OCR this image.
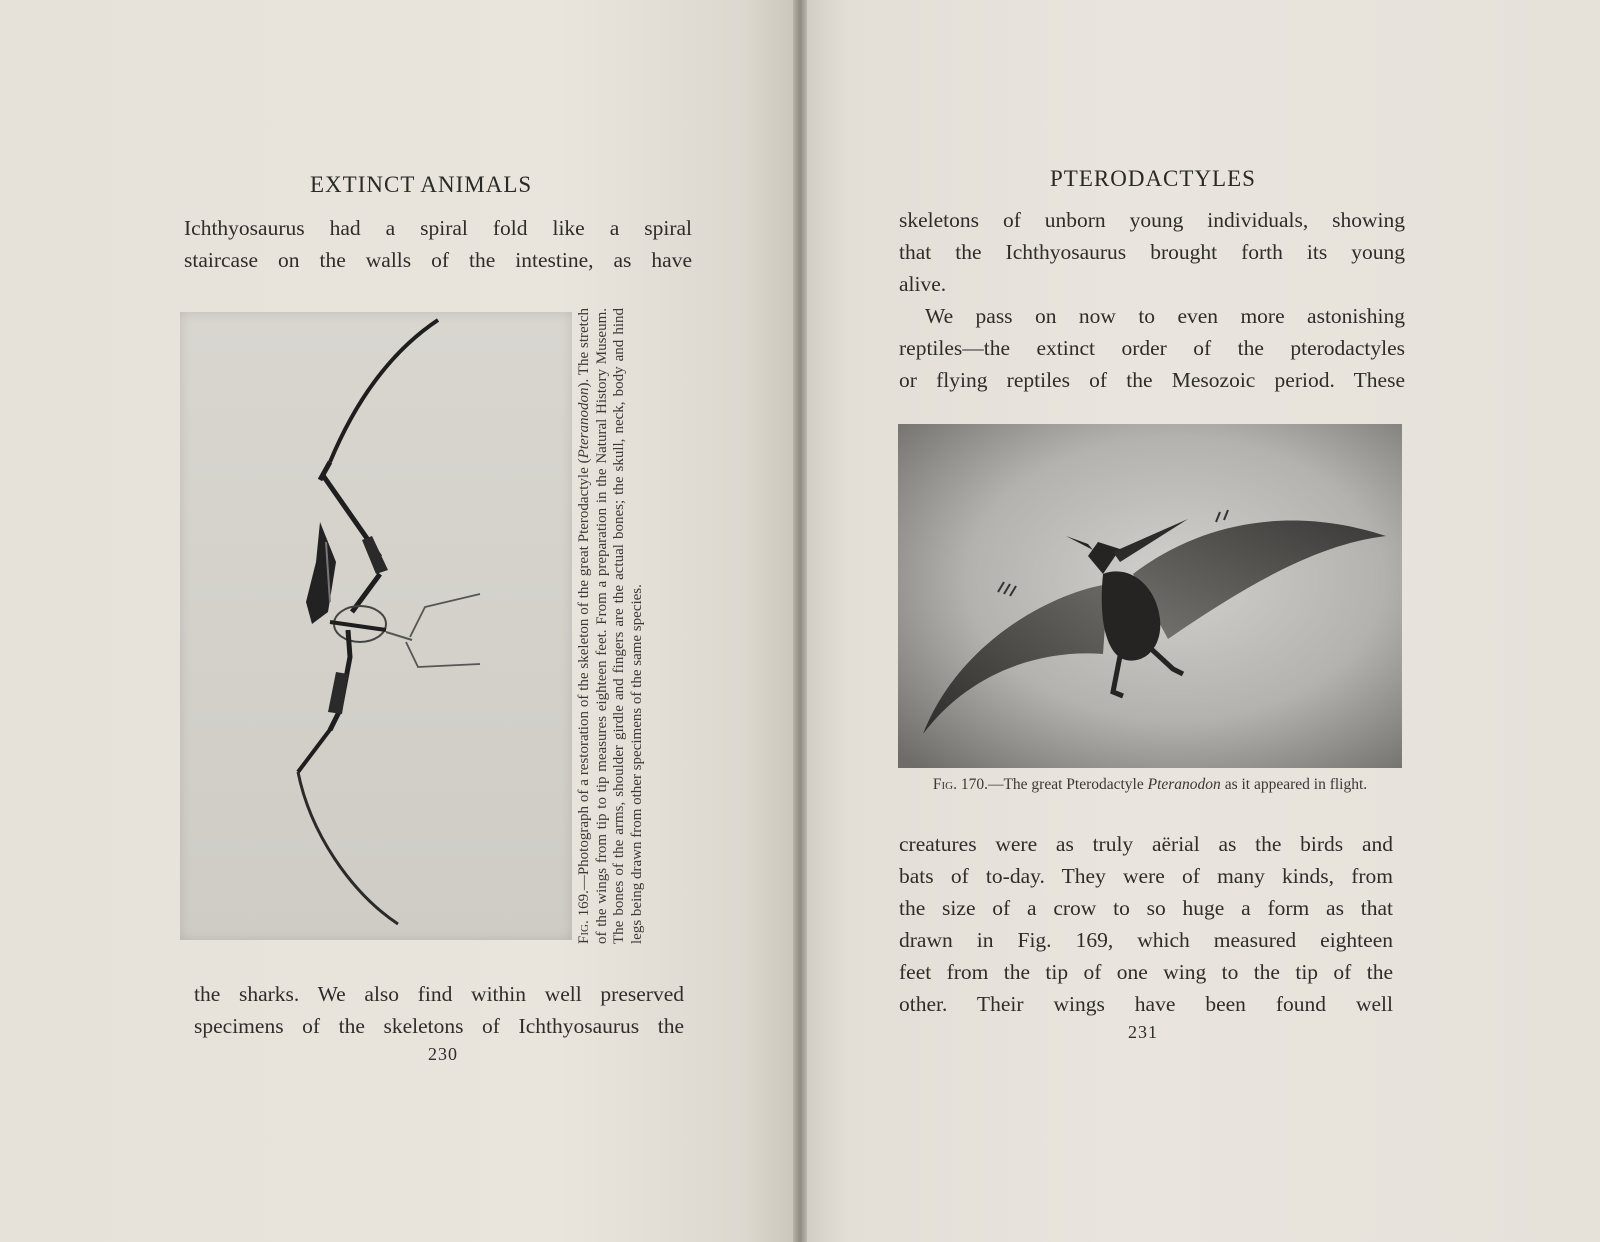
EXTINCT ANIMALS

Ichthyosaurus had a spiral fold like a spiral

staircase on the walls of the intestine, as have

Fig. 169.—Photograph of a restoration of the skeleton of the great Pterodactyle (Pteranodon). The stretch of the wings from tip to tip measures eighteen feet. From a preparation in the Natural History Museum. The bones of the arms, shoulder girdle and fingers are the actual bones; the skull, neck, body and hind legs being drawn from other specimens of the same species.

the sharks. We also find within well preserved

specimens of the skeletons of Ichthyosaurus the

230
PTERODACTYLES

skeletons of unborn young individuals, showing

that the Ichthyosaurus brought forth its young

alive.

We pass on now to even more astonishing

reptiles—the extinct order of the pterodactyles

or flying reptiles of the Mesozoic period. These

Fig. 170.—The great Pterodactyle Pteranodon as it appeared in flight.

creatures were as truly aërial as the birds and

bats of to-day. They were of many kinds, from

the size of a crow to so huge a form as that

drawn in Fig. 169, which measured eighteen

feet from the tip of one wing to the tip of the

other. Their wings have been found well

231
